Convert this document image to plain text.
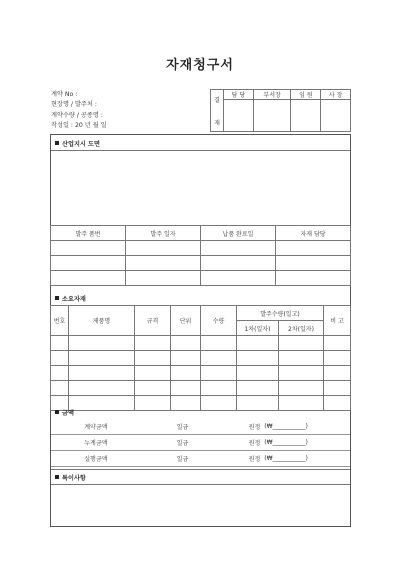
자재청구서
계약 No :
현장명 / 발주처 :
계약수량 / 공종명 :
작성일 : 20 년 월 일
결
재	담 당	부서장	임 원	사 장

산업지시 도면
발주 품번	발주 일자	납품 완료일	자재 담당

소요자재
번호	제품명	규격	단위	수량	발주수량(일고)		비 고
					1차(일자)	2차(일자)	

금액
계약금액	일금	원정	(₩___________)
누계금액	일금	원정	(₩___________)
실행금액	일금	원정	(₩___________)
특이사항
